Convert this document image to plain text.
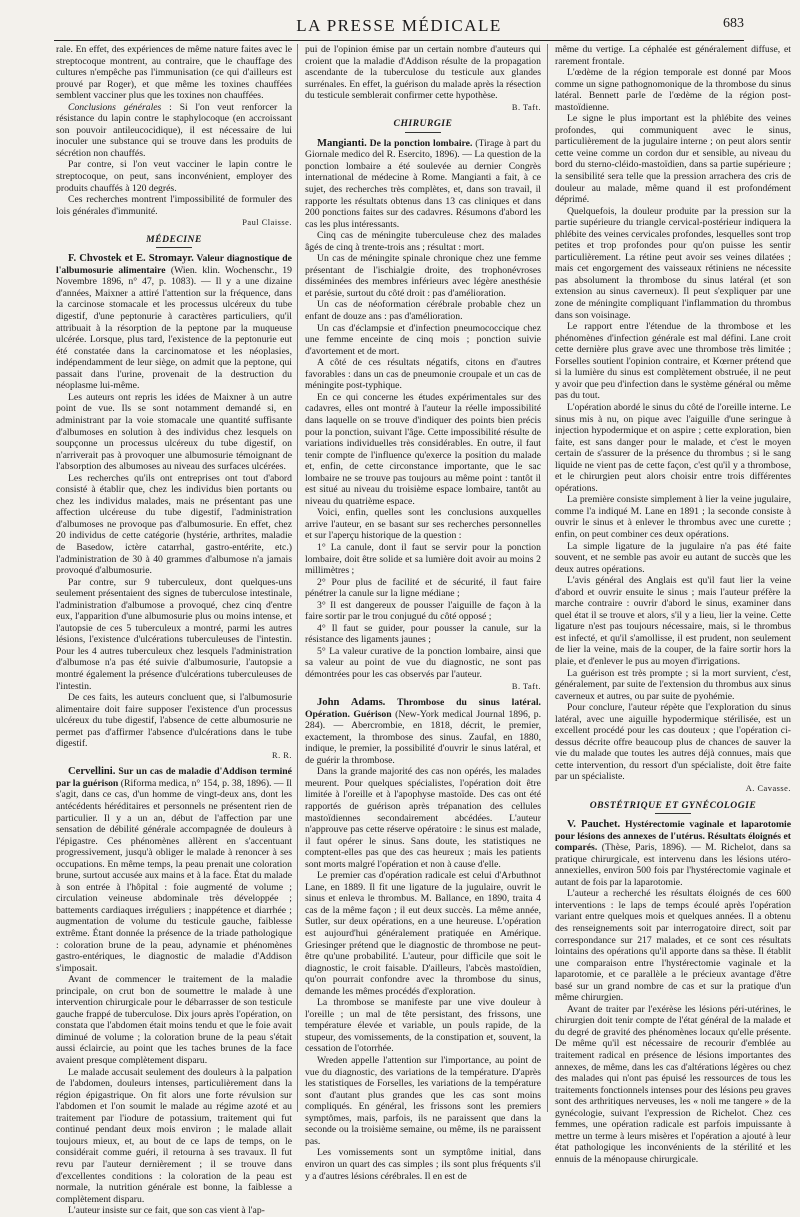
LA PRESSE MÉDICALE	683

rale. En effet, des expériences de même nature faites avec le streptocoque montrent, au contraire, que le chauffage des cultures n'empêche pas l'immunisation (ce qui d'ailleurs est prouvé par Roger), et que même les toxines chauffées semblent vacciner plus que les toxines non chauffées.

Conclusions générales : Si l'on veut renforcer la résistance du lapin contre le staphylocoque (en accroissant son pouvoir antileucocidique), il est nécessaire de lui inoculer une substance qui se trouve dans les produits de sécrétion non chauffés.

Par contre, si l'on veut vacciner le lapin contre le streptocoque, on peut, sans inconvénient, employer des produits chauffés à 120 degrés.

Ces recherches montrent l'impossibilité de formuler des lois générales d'immunité.

Paul Claisse.
MÉDECINE

F. Chvostek et E. Stromayr. Valeur diagnostique de l'albumosurie alimentaire (Wien. klin. Wochenschr., 19 Novembre 1896, n° 47, p. 1083). — Il y a une dizaine d'années, Maixner a attiré l'attention sur la fréquence, dans la carcinose stomacale et les processus ulcéreux du tube digestif, d'une peptonurie à caractères particuliers, qu'il attribuait à la résorption de la peptone par la muqueuse ulcérée. Lorsque, plus tard, l'existence de la peptonurie eut été constatée dans la carcinomatose et les néoplasies, indépendamment de leur siège, on admit que la peptone, qui passait dans l'urine, provenait de la destruction du néoplasme lui-même.

Les auteurs ont repris les idées de Maixner à un autre point de vue. Ils se sont notamment demandé si, en administrant par la voie stomacale une quantité suffisante d'albumoses en solution à des individus chez lesquels on soupçonne un processus ulcéreux du tube digestif, on n'arriverait pas à provoquer une albumosurie témoignant de l'absorption des albumoses au niveau des surfaces ulcérées.

Les recherches qu'ils ont entreprises ont tout d'abord consisté à établir que, chez les individus bien portants ou chez les individus malades, mais ne présentant pas une affection ulcéreuse du tube digestif, l'administration d'albumoses ne provoque pas d'albumosurie. En effet, chez 20 individus de cette catégorie (hystérie, arthrites, maladie de Basedow, ictère catarrhal, gastro-entérite, etc.) l'administration de 30 à 40 grammes d'albumose n'a jamais provoqué d'albumosurie.

Par contre, sur 9 tuberculeux, dont quelques-uns seulement présentaient des signes de tuberculose intestinale, l'administration d'albumose a provoqué, chez cinq d'entre eux, l'apparition d'une albumosurie plus ou moins intense, et l'autopsie de ces 5 tuberculeux a montré, parmi les autres lésions, l'existence d'ulcérations tuberculeuses de l'intestin. Pour les 4 autres tuberculeux chez lesquels l'administration d'albumose n'a pas été suivie d'albumosurie, l'autopsie a montré également la présence d'ulcérations tuberculeuses de l'intestin.

De ces faits, les auteurs concluent que, si l'albumosurie alimentaire doit faire supposer l'existence d'un processus ulcéreux du tube digestif, l'absence de cette albumosurie ne permet pas d'affirmer l'absence d'ulcérations dans le tube digestif.

R. R.

Cervellini. Sur un cas de maladie d'Addison terminé par la guérison (Riforma medica, n° 154, p. 38, 1896). — Il s'agit, dans ce cas, d'un homme de vingt-deux ans, dont les antécédents héréditaires et personnels ne présentent rien de particulier. Il y a un an, début de l'affection par une sensation de débilité générale accompagnée de douleurs à l'épigastre. Ces phénomènes allèrent en s'accentuant progressivement, jusqu'à obliger le malade à renoncer à ses occupations. En même temps, la peau prenait une coloration brune, surtout accusée aux mains et à la face. État du malade à son entrée à l'hôpital : foie augmenté de volume ; circulation veineuse abdominale très développée ; battements cardiaques irréguliers ; inappétence et diarrhée ; augmentation de volume du testicule gauche, faiblesse extrême. Étant donnée la présence de la triade pathologique : coloration brune de la peau, adynamie et phénomènes gastro-entériques, le diagnostic de maladie d'Addison s'imposait.

Avant de commencer le traitement de la maladie principale, on crut bon de soumettre le malade à une intervention chirurgicale pour le débarrasser de son testicule gauche frappé de tuberculose. Dix jours après l'opération, on constata que l'abdomen était moins tendu et que le foie avait diminué de volume ; la coloration brune de la peau s'était aussi éclaircie, au point que les taches brunes de la face avaient presque complètement disparu.

Le malade accusait seulement des douleurs à la palpation de l'abdomen, douleurs intenses, particulièrement dans la région épigastrique. On fit alors une forte révulsion sur l'abdomen et l'on soumit le malade au régime azoté et au traitement par l'iodure de potassium, traitement qui fut continué pendant deux mois environ ; le malade allait toujours mieux, et, au bout de ce laps de temps, on le considérait comme guéri, il retourna à ses travaux. Il fut revu par l'auteur dernièrement ; il se trouve dans d'excellentes conditions : la coloration de la peau est normale, la nutrition générale est bonne, la faiblesse a complètement disparu.

L'auteur insiste sur ce fait, que son cas vient à l'ap-

pui de l'opinion émise par un certain nombre d'auteurs qui croient que la maladie d'Addison résulte de la propagation ascendante de la tuberculose du testicule aux glandes surrénales. En effet, la guérison du malade après la résection du testicule semblerait confirmer cette hypothèse.

B. Taft.
CHIRURGIE

Mangianti. De la ponction lombaire. (Tirage à part du Giornale medico del R. Esercito, 1896). — La question de la ponction lombaire a été soulevée au dernier Congrès international de médecine à Rome. Mangianti a fait, à ce sujet, des recherches très complètes, et, dans son travail, il rapporte les résultats obtenus dans 13 cas cliniques et dans 200 ponctions faites sur des cadavres. Résumons d'abord les cas les plus intéressants.

Cinq cas de méningite tuberculeuse chez des malades âgés de cinq à trente-trois ans ; résultat : mort.

Un cas de méningite spinale chronique chez une femme présentant de l'ischialgie droite, des trophonévroses disséminées des membres inférieurs avec légère anesthésie et parésie, surtout du côté droit : pas d'amélioration.

Un cas de néoformation cérébrale probable chez un enfant de douze ans : pas d'amélioration.

Un cas d'éclampsie et d'infection pneumococcique chez une femme enceinte de cinq mois ; ponction suivie d'avortement et de mort.

A côté de ces résultats négatifs, citons en d'autres favorables : dans un cas de pneumonie croupale et un cas de méningite post-typhique.

En ce qui concerne les études expérimentales sur des cadavres, elles ont montré à l'auteur la réelle impossibilité dans laquelle on se trouve d'indiquer des points bien précis pour la ponction, suivant l'âge. Cette impossibilité résulte de variations individuelles très considérables. En outre, il faut tenir compte de l'influence qu'exerce la position du malade et, enfin, de cette circonstance importante, que le sac lombaire ne se trouve pas toujours au même point : tantôt il est situé au niveau du troisième espace lombaire, tantôt au niveau du quatrième espace.

Voici, enfin, quelles sont les conclusions auxquelles arrive l'auteur, en se basant sur ses recherches personnelles et sur l'aperçu historique de la question :

1° La canule, dont il faut se servir pour la ponction lombaire, doit être solide et sa lumière doit avoir au moins 2 millimètres ;

2° Pour plus de facilité et de sécurité, il faut faire pénétrer la canule sur la ligne médiane ;

3° Il est dangereux de pousser l'aiguille de façon à la faire sortir par le trou conjugué du côté opposé ;

4° Il faut se guider, pour pousser la canule, sur la résistance des ligaments jaunes ;

5° La valeur curative de la ponction lombaire, ainsi que sa valeur au point de vue du diagnostic, ne sont pas démontrées pour les cas observés par l'auteur.

B. Taft.

John Adams. Thrombose du sinus latéral. Opération. Guérison (New-York medical Journal 1896, p. 284). — Abercrombie, en 1818, décrit, le premier, exactement, la thrombose des sinus. Zaufal, en 1880, indique, le premier, la possibilité d'ouvrir le sinus latéral, et de guérir la thrombose.

Dans la grande majorité des cas non opérés, les malades meurent. Pour quelques spécialistes, l'opération doit être limitée à l'oreille et à l'apophyse mastoïde. Des cas ont été rapportés de guérison après trépanation des cellules mastoïdiennes secondairement abcédées. L'auteur n'approuve pas cette réserve opératoire : le sinus est malade, il faut opérer le sinus. Sans doute, les statistiques ne comptent-elles pas que des cas heureux ; mais les patients sont morts malgré l'opération et non à cause d'elle.

Le premier cas d'opération radicale est celui d'Arbuthnot Lane, en 1889. Il fit une ligature de la jugulaire, ouvrit le sinus et enleva le thrombus. M. Ballance, en 1890, traita 4 cas de la même façon ; il eut deux succès. La même année, Sutler, sur deux opérations, en a une heureuse. L'opération est aujourd'hui généralement pratiquée en Amérique. Griesinger prétend que le diagnostic de thrombose ne peut-être qu'une probabilité. L'auteur, pour difficile que soit le diagnostic, le croit faisable. D'ailleurs, l'abcès mastoïdien, qu'on pourrait confondre avec la thrombose du sinus, demande les mêmes procédés d'exploration.

La thrombose se manifeste par une vive douleur à l'oreille ; un mal de tête persistant, des frissons, une température élevée et variable, un pouls rapide, de la stupeur, des vomissements, de la constipation et, souvent, la cessation de l'otorrhée.

Wreden appelle l'attention sur l'importance, au point de vue du diagnostic, des variations de la température. D'après les statistiques de Forselles, les variations de la température sont d'autant plus grandes que les cas sont moins compliqués. En général, les frissons sont les premiers symptômes, mais, parfois, ils ne paraissent que dans la seconde ou la troisième semaine, ou même, ils ne paraissent pas.

Les vomissements sont un symptôme initial, dans environ un quart des cas simples ; ils sont plus fréquents s'il y a d'autres lésions cérébrales. Il en est de

même du vertige. La céphalée est généralement diffuse, et rarement frontale.

L'œdème de la région temporale est donné par Moos comme un signe pathognomonique de la thrombose du sinus latéral. Bennett parle de l'œdème de la région post-mastoïdienne.

Le signe le plus important est la phlébite des veines profondes, qui communiquent avec le sinus, particulièrement de la jugulaire interne ; on peut alors sentir cette veine comme un cordon dur et sensible, au niveau du bord du sterno-cléido-mastoïdien, dans sa partie supérieure ; la sensibilité sera telle que la pression arrachera des cris de douleur au malade, même quand il est profondément déprimé.

Quelquefois, la douleur produite par la pression sur la partie supérieure du triangle cervical-postérieur indiquera la phlébite des veines cervicales profondes, lesquelles sont trop petites et trop profondes pour qu'on puisse les sentir particulièrement. La rétine peut avoir ses veines dilatées ; mais cet engorgement des vaisseaux rétiniens ne nécessite pas absolument la thrombose du sinus latéral (et son extension au sinus caverneux). Il peut s'expliquer par une zone de méningite compliquant l'inflammation du thrombus dans son voisinage.

Le rapport entre l'étendue de la thrombose et les phénomènes d'infection générale est mal défini. Lane croit cette dernière plus grave avec une thrombose très limitée ; Forselles soutient l'opinion contraire, et Kœrner prétend que si la lumière du sinus est complètement obstruée, il ne peut y avoir que peu d'infection dans le système général ou même pas du tout.

L'opération abordé le sinus du côté de l'oreille interne. Le sinus mis à nu, on pique avec l'aiguille d'une seringue à injection hypodermique et on aspire ; cette exploration, bien faite, est sans danger pour le malade, et c'est le moyen certain de s'assurer de la présence du thrombus ; si le sang liquide ne vient pas de cette façon, c'est qu'il y a thrombose, et le chirurgien peut alors choisir entre trois différentes opérations.

La première consiste simplement à lier la veine jugulaire, comme l'a indiqué M. Lane en 1891 ; la seconde consiste à ouvrir le sinus et à enlever le thrombus avec une curette ; enfin, on peut combiner ces deux opérations.

La simple ligature de la jugulaire n'a pas été faite souvent, et ne semble pas avoir eu autant de succès que les deux autres opérations.

L'avis général des Anglais est qu'il faut lier la veine d'abord et ouvrir ensuite le sinus ; mais l'auteur préfère la marche contraire : ouvrir d'abord le sinus, examiner dans quel état il se trouve et alors, s'il y a lieu, lier la veine. Cette ligature n'est pas toujours nécessaire, mais, si le thrombus est infecté, et qu'il s'amollisse, il est prudent, non seulement de lier la veine, mais de la couper, de la faire sortir hors la plaie, et d'enlever le pus au moyen d'irrigations.

La guérison est très prompte ; si la mort survient, c'est, généralement, par suite de l'extension du thrombus aux sinus caverneux et autres, ou par suite de pyohémie.

Pour conclure, l'auteur répète que l'exploration du sinus latéral, avec une aiguille hypodermique stérilisée, est un excellent procédé pour les cas douteux ; que l'opération ci-dessus décrite offre beaucoup plus de chances de sauver la vie du malade que toutes les autres déjà connues, mais que cette intervention, du ressort d'un spécialiste, doit être faite par un spécialiste.

A. Cavasse.
OBSTÉTRIQUE ET GYNÉCOLOGIE

V. Pauchet. Hystérectomie vaginale et laparotomie pour lésions des annexes de l'utérus. Résultats éloignés et comparés. (Thèse, Paris, 1896). — M. Richelot, dans sa pratique chirurgicale, est intervenu dans les lésions utéro-annexielles, environ 500 fois par l'hystérectomie vaginale et autant de fois par la laparotomie.

L'auteur a recherché les résultats éloignés de ces 600 interventions : le laps de temps écoulé après l'opération variant entre quelques mois et quelques années. Il a obtenu des renseignements soit par interrogatoire direct, soit par correspondance sur 217 malades, et ce sont ces résultats lointains des opérations qu'il apporte dans sa thèse. Il établit une comparaison entre l'hystérectomie vaginale et la laparotomie, et ce parallèle a le précieux avantage d'être basé sur un grand nombre de cas et sur la pratique d'un même chirurgien.

Avant de traiter par l'exérèse les lésions péri-utérines, le chirurgien doit tenir compte de l'état général de la malade et du degré de gravité des phénomènes locaux qu'elle présente. De même qu'il est nécessaire de recourir d'emblée au traitement radical en présence de lésions importantes des annexes, de même, dans les cas d'altérations légères ou chez des malades qui n'ont pas épuisé les ressources de tous les traitements fonctionnels intenses pour des lésions peu graves sont des arthritiques nerveuses, les « noli me tangere » de la gynécologie, suivant l'expression de Richelot. Chez ces femmes, une opération radicale est parfois impuissante à mettre un terme à leurs misères et l'opération a ajouté à leur état pathologique les inconvénients de la stérilité et les ennuis de la ménopause chirurgicale.
